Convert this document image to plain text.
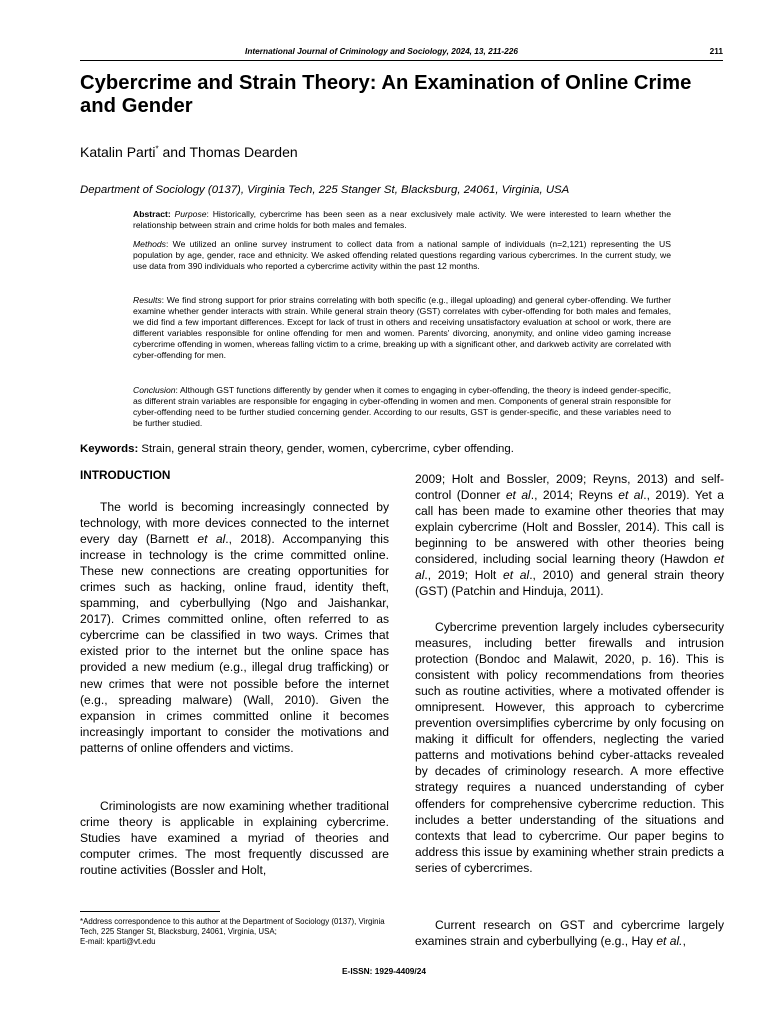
International Journal of Criminology and Sociology, 2024, 13, 211-226	211
Cybercrime and Strain Theory: An Examination of Online Crime and Gender
Katalin Parti* and Thomas Dearden
Department of Sociology (0137), Virginia Tech, 225 Stanger St, Blacksburg, 24061, Virginia, USA

Abstract: Purpose: Historically, cybercrime has been seen as a near exclusively male activity. We were interested to learn whether the relationship between strain and crime holds for both males and females.

Methods: We utilized an online survey instrument to collect data from a national sample of individuals (n=2,121) representing the US population by age, gender, race and ethnicity. We asked offending related questions regarding various cybercrimes. In the current study, we use data from 390 individuals who reported a cybercrime activity within the past 12 months.

Results: We find strong support for prior strains correlating with both specific (e.g., illegal uploading) and general cyber-offending. We further examine whether gender interacts with strain. While general strain theory (GST) correlates with cyber-offending for both males and females, we did find a few important differences. Except for lack of trust in others and receiving unsatisfactory evaluation at school or work, there are different variables responsible for online offending for men and women. Parents' divorcing, anonymity, and online video gaming increase cybercrime offending in women, whereas falling victim to a crime, breaking up with a significant other, and darkweb activity are correlated with cyber-offending for men.

Conclusion: Although GST functions differently by gender when it comes to engaging in cyber-offending, the theory is indeed gender-specific, as different strain variables are responsible for engaging in cyber-offending in women and men. Components of general strain responsible for cyber-offending need to be further studied concerning gender. According to our results, GST is gender-specific, and these variables need to be further studied.

Keywords: Strain, general strain theory, gender, women, cybercrime, cyber offending.
INTRODUCTION

The world is becoming increasingly connected by technology, with more devices connected to the internet every day (Barnett et al., 2018). Accompanying this increase in technology is the crime committed online. These new connections are creating opportunities for crimes such as hacking, online fraud, identity theft, spamming, and cyberbullying (Ngo and Jaishankar, 2017). Crimes committed online, often referred to as cybercrime can be classified in two ways. Crimes that existed prior to the internet but the online space has provided a new medium (e.g., illegal drug trafficking) or new crimes that were not possible before the internet (e.g., spreading malware) (Wall, 2010). Given the expansion in crimes committed online it becomes increasingly important to consider the motivations and patterns of online offenders and victims.

Criminologists are now examining whether traditional crime theory is applicable in explaining cybercrime. Studies have examined a myriad of theories and computer crimes. The most frequently discussed are routine activities (Bossler and Holt,

2009; Holt and Bossler, 2009; Reyns, 2013) and self-control (Donner et al., 2014; Reyns et al., 2019). Yet a call has been made to examine other theories that may explain cybercrime (Holt and Bossler, 2014). This call is beginning to be answered with other theories being considered, including social learning theory (Hawdon et al., 2019; Holt et al., 2010) and general strain theory (GST) (Patchin and Hinduja, 2011).

Cybercrime prevention largely includes cybersecurity measures, including better firewalls and intrusion protection (Bondoc and Malawit, 2020, p. 16). This is consistent with policy recommendations from theories such as routine activities, where a motivated offender is omnipresent. However, this approach to cybercrime prevention oversimplifies cybercrime by only focusing on making it difficult for offenders, neglecting the varied patterns and motivations behind cyber-attacks revealed by decades of criminology research. A more effective strategy requires a nuanced understanding of cyber offenders for comprehensive cybercrime reduction. This includes a better understanding of the situations and contexts that lead to cybercrime. Our paper begins to address this issue by examining whether strain predicts a series of cybercrimes.

Current research on GST and cybercrime largely examines strain and cyberbullying (e.g., Hay et al.,

*Address correspondence to this author at the Department of Sociology (0137), Virginia Tech, 225 Stanger St, Blacksburg, 24061, Virginia, USA;
E-mail: kparti@vt.edu

E-ISSN: 1929-4409/24
